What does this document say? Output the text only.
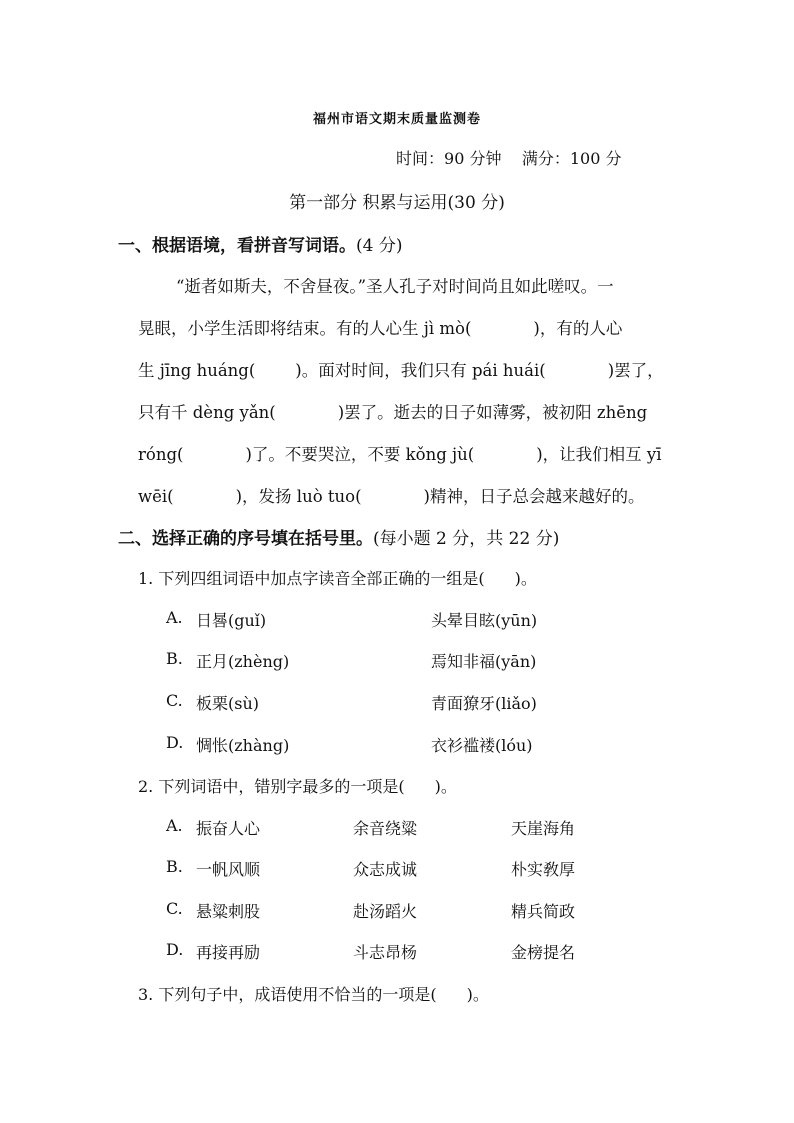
福州市语文期末质量监测卷
时间：90 分钟 满分：100 分
第一部分 积累与运用(30 分)
一、根据语境，看拼音写词语。(4 分)
“逝者如斯夫，不舍昼夜。”圣人孔子对时间尚且如此嗟叹。一
晃眼，小学生活即将结束。有的人心生 jì mò(	)，有的人心
生 jīng huáng( )。面对时间，我们只有 pái huái(	)罢了，
只有千 dèng yǎn(	)罢了。逝去的日子如薄雾，被初阳 zhēng
róng(	)了。不要哭泣，不要 kǒng jù(	)，让我们相互 yī
wēi(	)，发扬 luò tuo(	)精神，日子总会越来越好的。
二、选择正确的序号填在括号里。(每小题 2 分，共 22 分)
1. 下列四组词语中加点字读音全部正确的一组是( )。
A. 日晷(guǐ)	头晕目眩(yūn)
B. 正月(zhèng)	焉知非福(yān)
C. 板栗(sù)	青面獠牙(liǎo)
D. 惆怅(zhàng)	衣衫褴褛(lóu)
2. 下列词语中，错别字最多的一项是( )。
A. 振奋人心	余音绕粱	天崖海角
B. 一帆风顺	众志成诚	朴实敎厚
C. 悬粱刺股	赴汤蹈火	精兵简政
D. 再接再励	斗志昂杨	金榜提名
3. 下列句子中，成语使用不恰当的一项是( )。
